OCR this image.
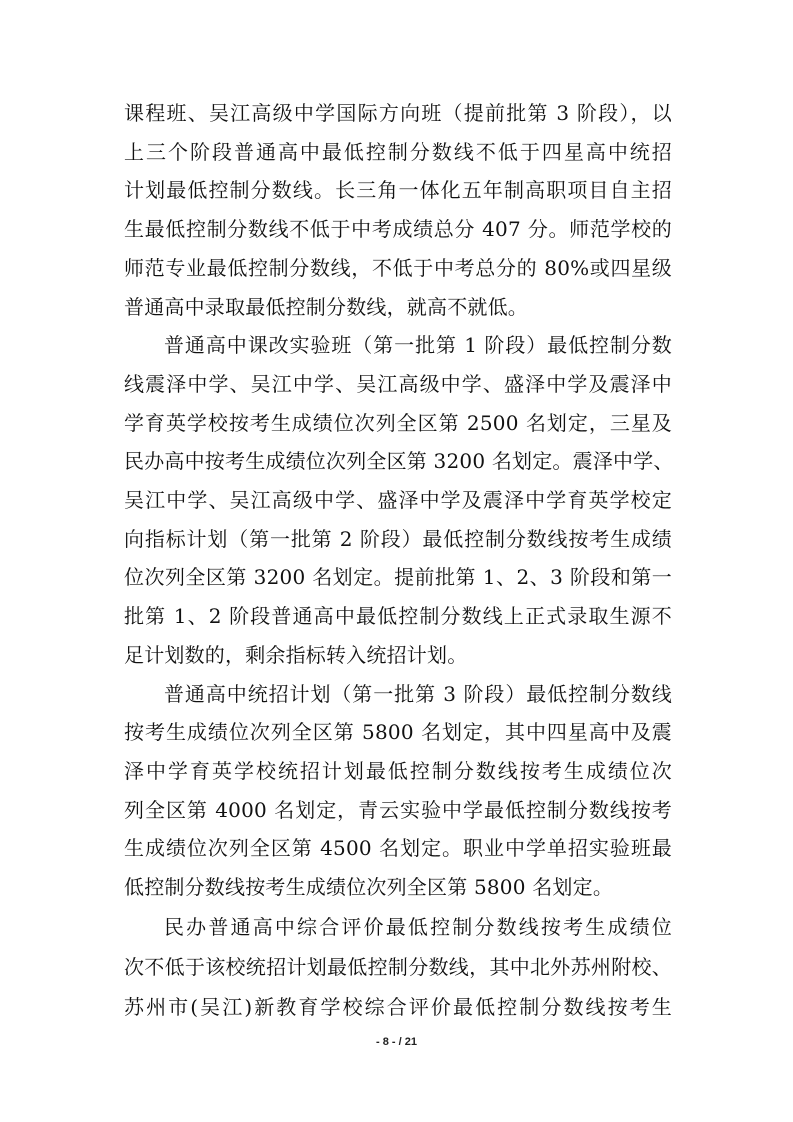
课程班、吴江高级中学国际方向班（提前批第 3 阶段），以
上三个阶段普通高中最低控制分数线不低于四星高中统招
计划最低控制分数线。长三角一体化五年制高职项目自主招
生最低控制分数线不低于中考成绩总分 407 分。师范学校的
师范专业最低控制分数线，不低于中考总分的 80%或四星级
普通高中录取最低控制分数线，就高不就低。
普通高中课改实验班（第一批第 1 阶段）最低控制分数
线震泽中学、吴江中学、吴江高级中学、盛泽中学及震泽中
学育英学校按考生成绩位次列全区第 2500 名划定，三星及
民办高中按考生成绩位次列全区第 3200 名划定。震泽中学、
吴江中学、吴江高级中学、盛泽中学及震泽中学育英学校定
向指标计划（第一批第 2 阶段）最低控制分数线按考生成绩
位次列全区第 3200 名划定。提前批第 1、2、3 阶段和第一
批第 1、2 阶段普通高中最低控制分数线上正式录取生源不
足计划数的，剩余指标转入统招计划。
普通高中统招计划（第一批第 3 阶段）最低控制分数线
按考生成绩位次列全区第 5800 名划定，其中四星高中及震
泽中学育英学校统招计划最低控制分数线按考生成绩位次
列全区第 4000 名划定，青云实验中学最低控制分数线按考
生成绩位次列全区第 4500 名划定。职业中学单招实验班最
低控制分数线按考生成绩位次列全区第 5800 名划定。
民办普通高中综合评价最低控制分数线按考生成绩位
次不低于该校统招计划最低控制分数线，其中北外苏州附校、
苏州市(吴江)新教育学校综合评价最低控制分数线按考生
- 8 - / 21
